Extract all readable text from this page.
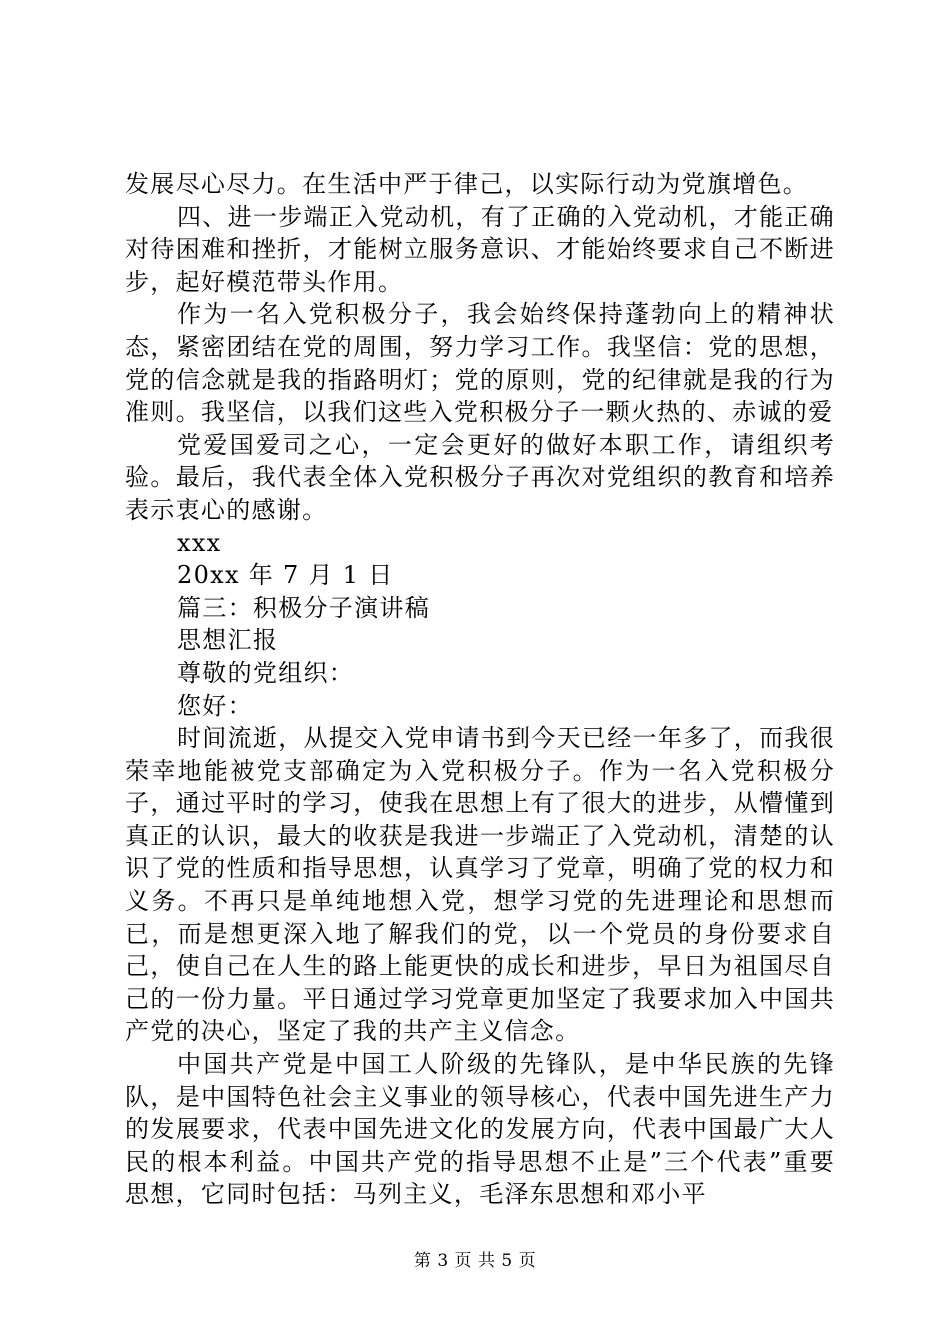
发展尽心尽力。在生活中严于律己，以实际行动为党旗增色。

四、进一步端正入党动机，有了正确的入党动机，才能正确对待困难和挫折，才能树立服务意识、才能始终要求自己不断进步，起好模范带头作用。

作为一名入党积极分子，我会始终保持蓬勃向上的精神状态，紧密团结在党的周围，努力学习工作。我坚信：党的思想，党的信念就是我的指路明灯；党的原则，党的纪律就是我的行为准则。我坚信，以我们这些入党积极分子一颗火热的、赤诚的爱

党爱国爱司之心，一定会更好的做好本职工作，请组织考验。最后，我代表全体入党积极分子再次对党组织的教育和培养表示衷心的感谢。

xxx

20xx 年 7 月 1 日

篇三：积极分子演讲稿

思想汇报

尊敬的党组织：

您好：

时间流逝，从提交入党申请书到今天已经一年多了，而我很荣幸地能被党支部确定为入党积极分子。作为一名入党积极分子，通过平时的学习，使我在思想上有了很大的进步，从懵懂到真正的认识，最大的收获是我进一步端正了入党动机，清楚的认识了党的性质和指导思想，认真学习了党章，明确了党的权力和义务。不再只是单纯地想入党，想学习党的先进理论和思想而已，而是想更深入地了解我们的党，以一个党员的身份要求自己，使自己在人生的路上能更快的成长和进步，早日为祖国尽自己的一份力量。平日通过学习党章更加坚定了我要求加入中国共产党的决心，坚定了我的共产主义信念。

中国共产党是中国工人阶级的先锋队，是中华民族的先锋队，是中国特色社会主义事业的领导核心，代表中国先进生产力的发展要求，代表中国先进文化的发展方向，代表中国最广大人民的根本利益。中国共产党的指导思想不止是”三个代表”重要思想，它同时包括：马列主义，毛泽东思想和邓小平

第 3 页 共 5 页
